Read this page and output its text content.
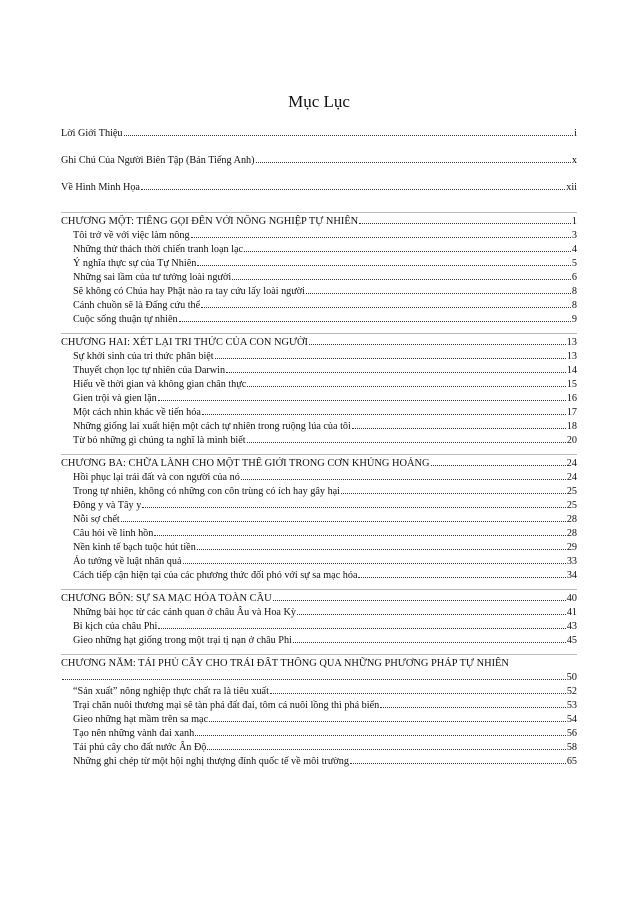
Mục Lục
Lời Giới Thiệu	i
Ghi Chú Của Người Biên Tập (Bản Tiếng Anh)	x
Về Hình Minh Họa	xii
CHƯƠNG MỘT: TIẾNG GỌI ĐẾN VỚI NÔNG NGHIỆP TỰ NHIÊN	1
Tôi trở về với việc làm nông	3
Những thử thách thời chiến tranh loạn lạc	4
Ý nghĩa thực sự của Tự Nhiên	5
Những sai lầm của tư tưởng loài người	6
Sẽ không có Chúa hay Phật nào ra tay cứu lấy loài người	8
Cánh chuồn sẽ là Đấng cứu thế	8
Cuộc sống thuận tự nhiên	9
CHƯƠNG HAI: XÉT LẠI TRI THỨC CỦA CON NGƯỜI	13
Sự khởi sinh của tri thức phân biệt	13
Thuyết chọn lọc tự nhiên của Darwin	14
Hiểu về thời gian và không gian chân thực	15
Gien trội và gien lặn	16
Một cách nhìn khác về tiến hóa	17
Những giống lai xuất hiện một cách tự nhiên trong ruộng lúa của tôi	18
Từ bỏ những gì chúng ta nghĩ là mình biết	20
CHƯƠNG BA: CHỮA LÀNH CHO MỘT THẾ GIỚI TRONG CƠN KHỦNG HOẢNG	24
Hồi phục lại trái đất và con người của nó	24
Trong tự nhiên, không có những con côn trùng có ích hay gây hại	25
Đông y và Tây y	25
Nỗi sợ chết	28
Câu hỏi về linh hồn	28
Nền kinh tế bạch tuộc hút tiền	29
Ảo tưởng về luật nhân quả	33
Cách tiếp cận hiện tại của các phương thức đối phó với sự sa mạc hóa	34
CHƯƠNG BỐN: SỰ SA MẠC HÓA TOÀN CẦU	40
Những bài học từ các cảnh quan ở châu Âu và Hoa Kỳ	41
Bi kịch của châu Phi	43
Gieo những hạt giống trong một trại tị nạn ở châu Phi	45
CHƯƠNG NĂM: TÁI PHỦ CÂY CHO TRÁI ĐẤT THÔNG QUA NHỮNG PHƯƠNG PHÁP TỰ NHIÊN
50
“Sản xuất” nông nghiệp thực chất ra là tiêu xuất	52
Trại chăn nuôi thương mại sẽ tàn phá đất đai, tôm cá nuôi lồng thì phá biển	53
Gieo những hạt mầm trên sa mạc	54
Tạo nên những vành đai xanh	56
Tái phủ cây cho đất nước Ấn Độ	58
Những ghi chép từ một hội nghị thượng đỉnh quốc tế về môi trường	65
